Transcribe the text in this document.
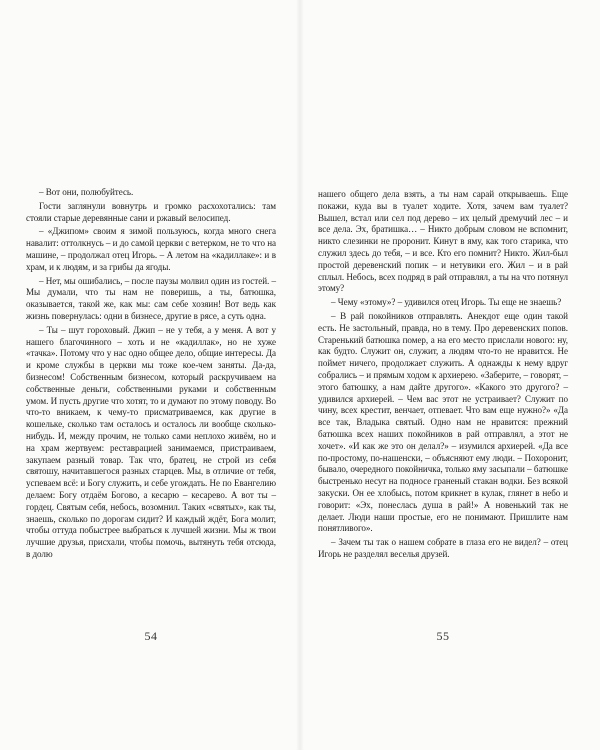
– Вот они, полюбуйтесь.

Гости заглянули вовнутрь и громко расхохотались: там стояли старые деревянные сани и ржавый велосипед.

– «Джипом» своим я зимой пользуюсь, когда много снега навалит: оттолкнусь – и до самой церкви с ветерком, не то что на машине, – продолжал отец Игорь. – А летом на «кадиллаке»: и в храм, и к людям, и за грибы да ягоды.

– Нет, мы ошибались, – после паузы молвил один из гостей. – Мы думали, что ты нам не поверишь, а ты, батюшка, оказывается, такой же, как мы: сам себе хозяин! Вот ведь как жизнь повернулась: одни в бизнесе, другие в рясе, а суть одна.

– Ты – шут гороховый. Джип – не у тебя, а у меня. А вот у нашего благочинного – хоть и не «кадиллак», но не хуже «тачка». Потому что у нас одно общее дело, общие интересы. Да и кроме службы в церкви мы тоже кое-чем заняты. Да-да, бизнесом! Собственным бизнесом, который раскручиваем на собственные деньги, собственными руками и собственным умом. И пусть другие что хотят, то и думают по этому поводу. Во что-то вникаем, к чему-то присматриваемся, как другие в кошельке, сколько там осталось и осталось ли вообще сколько-нибудь. И, между прочим, не только сами неплохо живём, но и на храм жертвуем: реставрацией занимаемся, пристраиваем, закупаем разный товар. Так что, братец, не строй из себя святошу, начитавшегося разных старцев. Мы, в отличие от тебя, успеваем всё: и Богу служить, и себе угождать. Не по Евангелию делаем: Богу отдаём Богово, а кесарю – кесарево. А вот ты – гордец. Святым себя, небось, возомнил. Таких «святых», как ты, знаешь, сколько по дорогам сидит? И каждый ждёт, Бога молит, чтобы оттуда побыстрее выбраться к лучшей жизни. Мы ж твои лучшие друзья, присхали, чтобы помочь, вытянуть тебя отсюда, в долю

54

нашего общего дела взять, а ты нам сарай открываешь. Еще покажи, куда вы в туалет ходите. Хотя, зачем вам туалет? Вышел, встал или сел под дерево – их целый дремучий лес – и все дела. Эх, братишка… – Никто добрым словом не вспомнит, никто слезинки не проронит. Кинут в яму, как того старика, что служил здесь до тебя, – и все. Кто его помнит? Никто. Жил-был простой деревенский попик – и нетувики его. Жил – и в рай сплыл. Небось, всех подряд в рай отправлял, а ты на что потянул этому?

– Чему «этому»? – удивился отец Игорь. Ты еще не знаешь?

– В рай покойников отправлять. Анекдот еще один такой есть. Не застольный, правда, но в тему. Про деревенских попов. Старенький батюшка помер, а на его место прислали нового: ну, как будто. Служит он, служит, а людям что-то не нравится. Не поймет ничего, продолжает служить. А однажды к нему вдруг собрались – и прямым ходом к архиерею. «Заберите, – говорят, – этого батюшку, а нам дайте другого». «Какого это другого? – удивился архиерей. – Чем вас этот не устраивает? Служит по чину, всех крестит, венчает, отпевает. Что вам еще нужно?» «Да все так, Владыка святый. Одно нам не нравится: прежний батюшка всех наших покойников в рай отправлял, а этот не хочет». «И как же это он делал?» – изумился архиерей. «Да все по-простому, по-нашенски, – объясняют ему люди. – Похоронит, бывало, очередного покойничка, только яму засыпали – батюшке быстренько несут на подносе граненый стакан водки. Без всякой закуски. Он ее хлобысь, потом крикнет в кулак, глянет в небо и говорит: «Эх, понеслась душа в рай!» А новенький так не делает. Люди наши простые, его не понимают. Пришлите нам понятливого».

– Зачем ты так о нашем собрате в глаза его не видел? – отец Игорь не разделял веселья друзей.

55
